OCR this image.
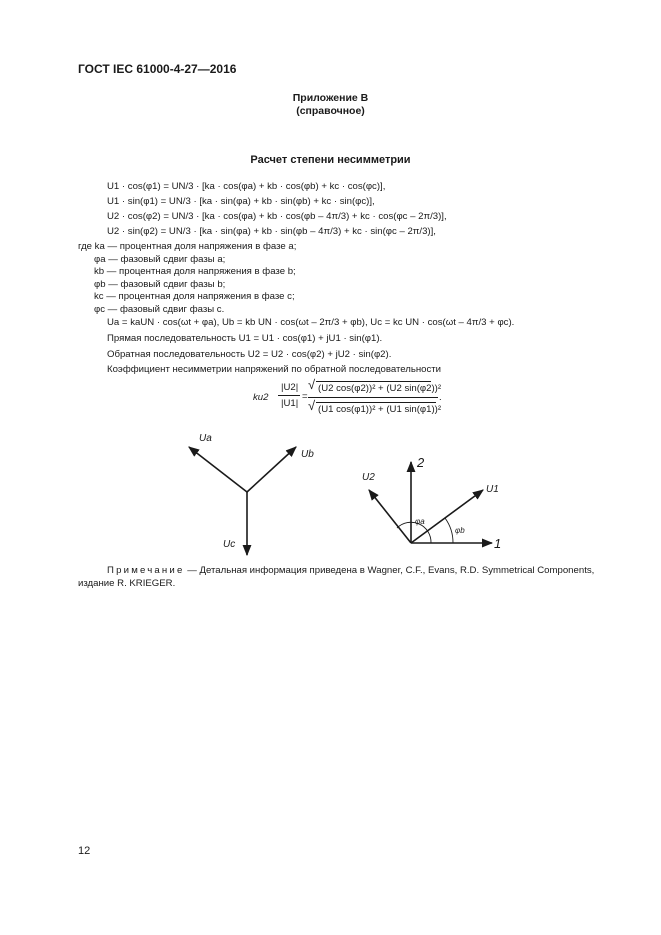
ГОСТ IEC 61000-4-27—2016
Приложение B
(справочное)
Расчет степени несимметрии
U1 · cos(φ1) = UN/3 · [ka · cos(φa) + kb · cos(φb) + kc · cos(φc)],
U1 · sin(φ1) = UN/3 · [ka · sin(φa) + kb · sin(φb) + kc · sin(φc)],
U2 · cos(φ2) = UN/3 · [ka · cos(φa) + kb · cos(φb – 4π/3) + kc · cos(φc – 2π/3)],
U2 · sin(φ2) = UN/3 · [ka · sin(φa) + kb · sin(φb – 4π/3) + kc · sin(φc – 2π/3)],
где ka — процентная доля напряжения в фазе a;
φa — фазовый сдвиг фазы a;
kb — процентная доля напряжения в фазе b;
φb — фазовый сдвиг фазы b;
kc — процентная доля напряжения в фазе c;
φc — фазовый сдвиг фазы c.
Ua = kaUN · cos(ωt + φa), Ub = kb UN · cos(ωt – 2π/3 + φb), Uc = kc UN · cos(ωt – 4π/3 + φc).
Прямая последовательность U1 = U1 · cos(φ1) + jU1 · sin(φ1).
Обратная последовательность U2 = U2 · cos(φ2) + jU2 · sin(φ2).
Коэффициент несимметрии напряжений по обратной последовательности
ku2
|U2|
|U1|
=
√ (U2 cos(φ2))² + (U2 sin(φ2))²
√ (U1 cos(φ1))² + (U1 sin(φ1))²
.
Ua
Ub
Uc
2
1
U2
U1
φa
φb
Примечание — Детальная информация приведена в Wagner, C.F., Evans, R.D. Symmetrical Components,
издание R. KRIEGER.
12
